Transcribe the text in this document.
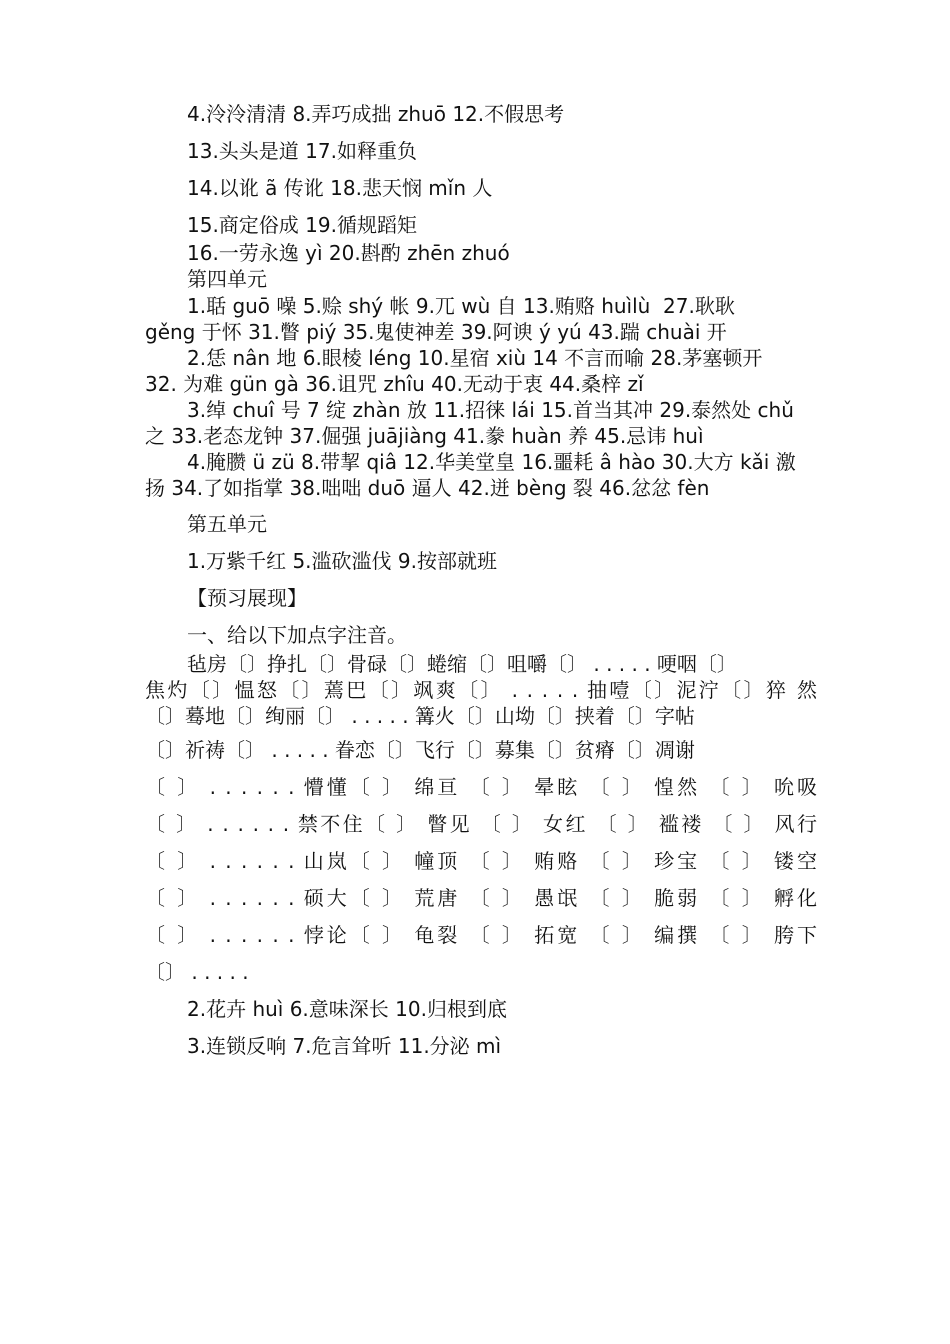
4.泠泠清清 8.弄巧成拙 zhuō 12.不假思考

13.头头是道 17.如释重负

14.以讹 ã 传讹 18.悲天悯 mǐn 人

15.商定俗成 19.循规蹈矩

16.一劳永逸 yì 20.斟酌 zhēn zhuó

第四单元

1.聒 guō 噪 5.赊 shý 帐 9.兀 wù 自 13.贿赂 huìlù  27.耿耿

gěng 于怀 31.瞥 piý 35.鬼使神差 39.阿谀 ý yú 43.踹 chuài 开

2.恁 nân 地 6.眼棱 léng 10.星宿 xiù 14 不言而喻 28.茅塞顿开

32. 为难 gün gà 36.诅咒 zhîu 40.无动于衷 44.桑梓 zǐ

3.绰 chuî 号 7 绽 zhàn 放 11.招徕 lái 15.首当其冲 29.泰然处 chǔ

之 33.老态龙钟 37.倔强 juājiàng 41.豢 huàn 养 45.忌讳 huì

4.腌臜 ü zü 8.带挈 qiâ 12.华美堂皇 16.噩耗 â hào 30.大方 kǎi 激

扬 34.了如指掌 38.咄咄 duō 逼人 42.迸 bèng 裂 46.忿忿 fèn

第五单元

1.万紫千红 5.滥砍滥伐 9.按部就班

【预习展现】

一、给以下加点字注音。

毡房〔〕挣扎〔〕骨碌〔〕蜷缩〔〕咀嚼〔〕 . . . . . 哽咽〔〕

焦灼〔〕愠怒〔〕蔫巴〔〕飒爽〔〕 . . . . . 抽噎〔〕泥泞〔〕猝 然

〔〕蓦地〔〕绚丽〔〕 . . . . . 篝火〔〕山坳〔〕挟着〔〕字帖

〔〕祈祷〔〕 . . . . . 眷恋〔〕飞行〔〕募集〔〕贫瘠〔〕凋谢

〔 〕 . . . . . . 懵懂〔 〕 绵亘 〔 〕 晕眩 〔 〕 惶然 〔 〕 吮吸

〔 〕 . . . . . . 禁不住〔 〕 瞥见 〔 〕 女红 〔 〕 褴褛 〔 〕 风行

〔 〕 . . . . . . 山岚〔 〕 幢顶 〔 〕 贿赂 〔 〕 珍宝 〔 〕 镂空

〔 〕 . . . . . . 硕大〔 〕 荒唐 〔 〕 愚氓 〔 〕 脆弱 〔 〕 孵化

〔 〕 . . . . . . 悖论〔 〕 龟裂 〔 〕 拓宽 〔 〕 编撰 〔 〕 胯下

〔〕 . . . . .

2.花卉 huì 6.意味深长 10.归根到底

3.连锁反响 7.危言耸听 11.分泌 mì
